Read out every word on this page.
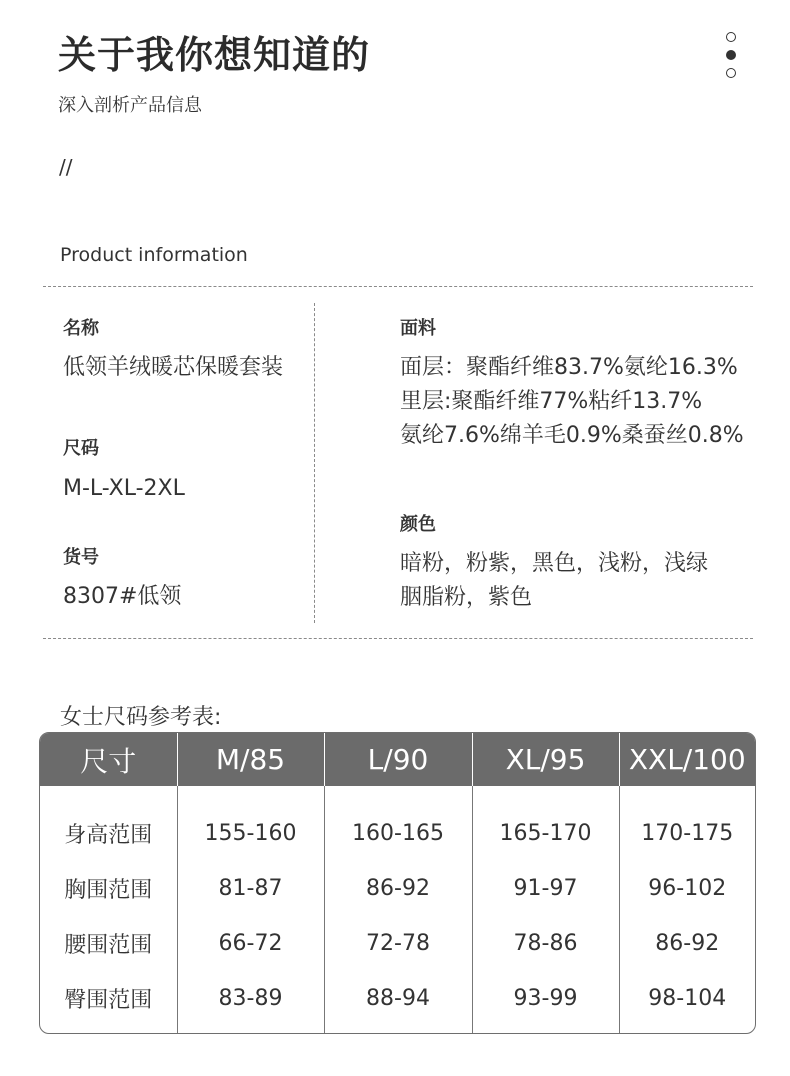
关于我你想知道的
深入剖析产品信息
//
Product information
名称
低领羊绒暖芯保暖套装
尺码
M-L-XL-2XL
货号
8307#低领
面料
面层：聚酯纤维83.7%氨纶16.3%
里层:聚酯纤维77%粘纤13.7%
氨纶7.6%绵羊毛0.9%桑蚕丝0.8%
颜色
暗粉，粉紫，黑色，浅粉，浅绿
胭脂粉，紫色
女士尺码参考表:
尺寸	M/85	L/90	XL/95	XXL/100

身高范围	155-160	160-165	165-170	170-175
胸围范围	81-87	86-92	91-97	96-102
腰围范围	66-72	72-78	78-86	86-92
臀围范围	83-89	88-94	93-99	98-104
